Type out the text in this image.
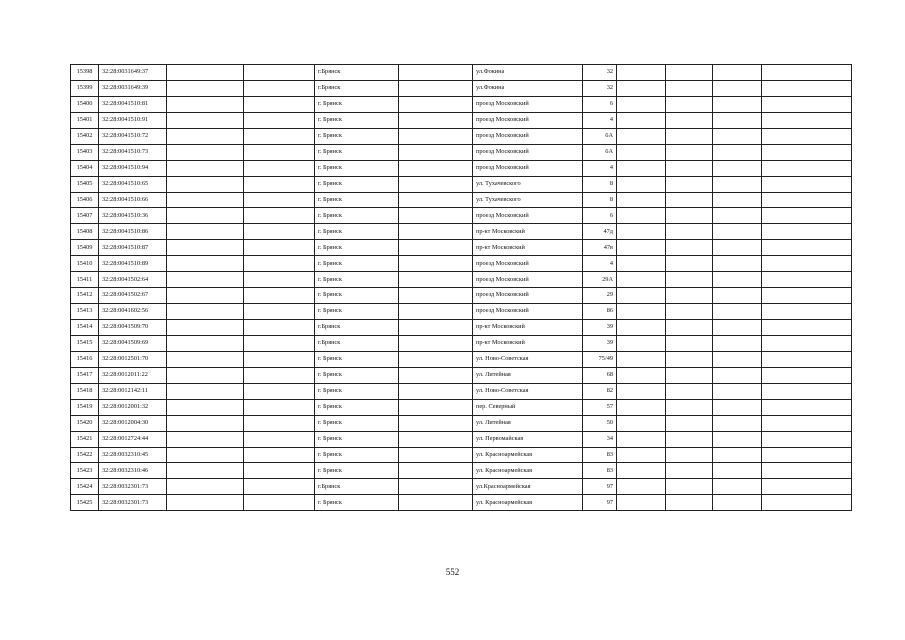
15398	32:28:0031649:37			г.Брянск		ул.Фокина	32				
15399	32:28:0031649:39			г.Брянск		ул.Фокина	32				
15400	32:28:0041510:81			г. Брянск		проезд Московский	6				
15401	32:28:0041510:91			г. Брянск		проезд Московский	4				
15402	32:28:0041510:72			г. Брянск		проезд Московский	6А				
15403	32:28:0041510:73			г. Брянск		проезд Московский	6А				
15404	32:28:0041510:94			г. Брянск		проезд Московский	4				
15405	32:28:0041510:65			г. Брянск		ул. Тухачевского	8				
15406	32:28:0041510:66			г. Брянск		ул. Тухачевского	8				
15407	32:28:0041510:36			г. Брянск		проезд Московский	6				
15408	32:28:0041510:86			г. Брянск		пр-кт Московский	47д				
15409	32:28:0041510:87			г. Брянск		пр-кт Московский	47в				
15410	32:28:0041510:89			г. Брянск		проезд Московский	4				
15411	32:28:0041502:64			г. Брянск		проезд Московский	29А				
15412	32:28:0041502:67			г. Брянск		проезд Московский	29				
15413	32:28:0041602:56			г. Брянск		проезд Московский	86				
15414	32:28:0041509:70			г.Брянск		пр-кт Московский	39				
15415	32:28:0041509:69			г.Брянск		пр-кт Московский	39				
15416	32:28:0012501:70			г. Брянск		ул. Ново-Советская	75/49				
15417	32:28:0012011:22			г. Брянск		ул. Литейная	68				
15418	32:28:0012142:11			г. Брянск		ул. Ново-Советская	82				
15419	32:28:0012001:32			г. Брянск		пер. Северный	57				
15420	32:28:0012004:30			г. Брянск		ул. Литейная	50				
15421	32:28:0012724:44			г. Брянск		ул. Первомайская	34				
15422	32:28:0032310:45			г. Брянск		ул. Красноармейская	83				
15423	32:28:0032310:46			г. Брянск		ул. Красноармейская	83				
15424	32:28:0032301:73			г.Брянск		ул.Красноармейская	97				
15425	32:28:0032301:73			г. Брянск		ул. Красноармейская	97				
552
